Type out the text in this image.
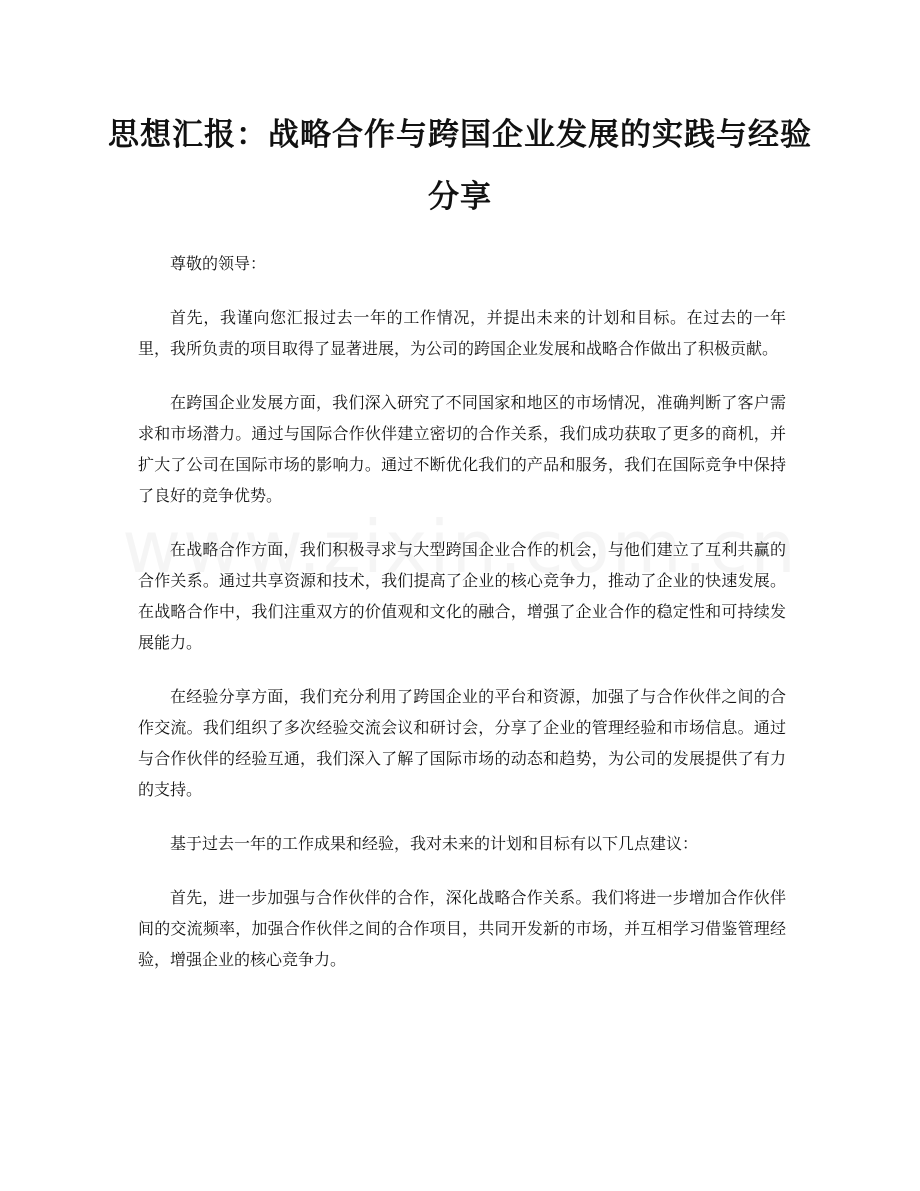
思想汇报：战略合作与跨国企业发展的实践与经验分享

尊敬的领导：

首先，我谨向您汇报过去一年的工作情况，并提出未来的计划和目标。在过去的一年里，我所负责的项目取得了显著进展，为公司的跨国企业发展和战略合作做出了积极贡献。

在跨国企业发展方面，我们深入研究了不同国家和地区的市场情况，准确判断了客户需求和市场潜力。通过与国际合作伙伴建立密切的合作关系，我们成功获取了更多的商机，并扩大了公司在国际市场的影响力。通过不断优化我们的产品和服务，我们在国际竞争中保持了良好的竞争优势。

在战略合作方面，我们积极寻求与大型跨国企业合作的机会，与他们建立了互利共赢的合作关系。通过共享资源和技术，我们提高了企业的核心竞争力，推动了企业的快速发展。在战略合作中，我们注重双方的价值观和文化的融合，增强了企业合作的稳定性和可持续发展能力。

在经验分享方面，我们充分利用了跨国企业的平台和资源，加强了与合作伙伴之间的合作交流。我们组织了多次经验交流会议和研讨会，分享了企业的管理经验和市场信息。通过与合作伙伴的经验互通，我们深入了解了国际市场的动态和趋势，为公司的发展提供了有力的支持。

基于过去一年的工作成果和经验，我对未来的计划和目标有以下几点建议：

首先，进一步加强与合作伙伴的合作，深化战略合作关系。我们将进一步增加合作伙伴间的交流频率，加强合作伙伴之间的合作项目，共同开发新的市场，并互相学习借鉴管理经验，增强企业的核心竞争力。
